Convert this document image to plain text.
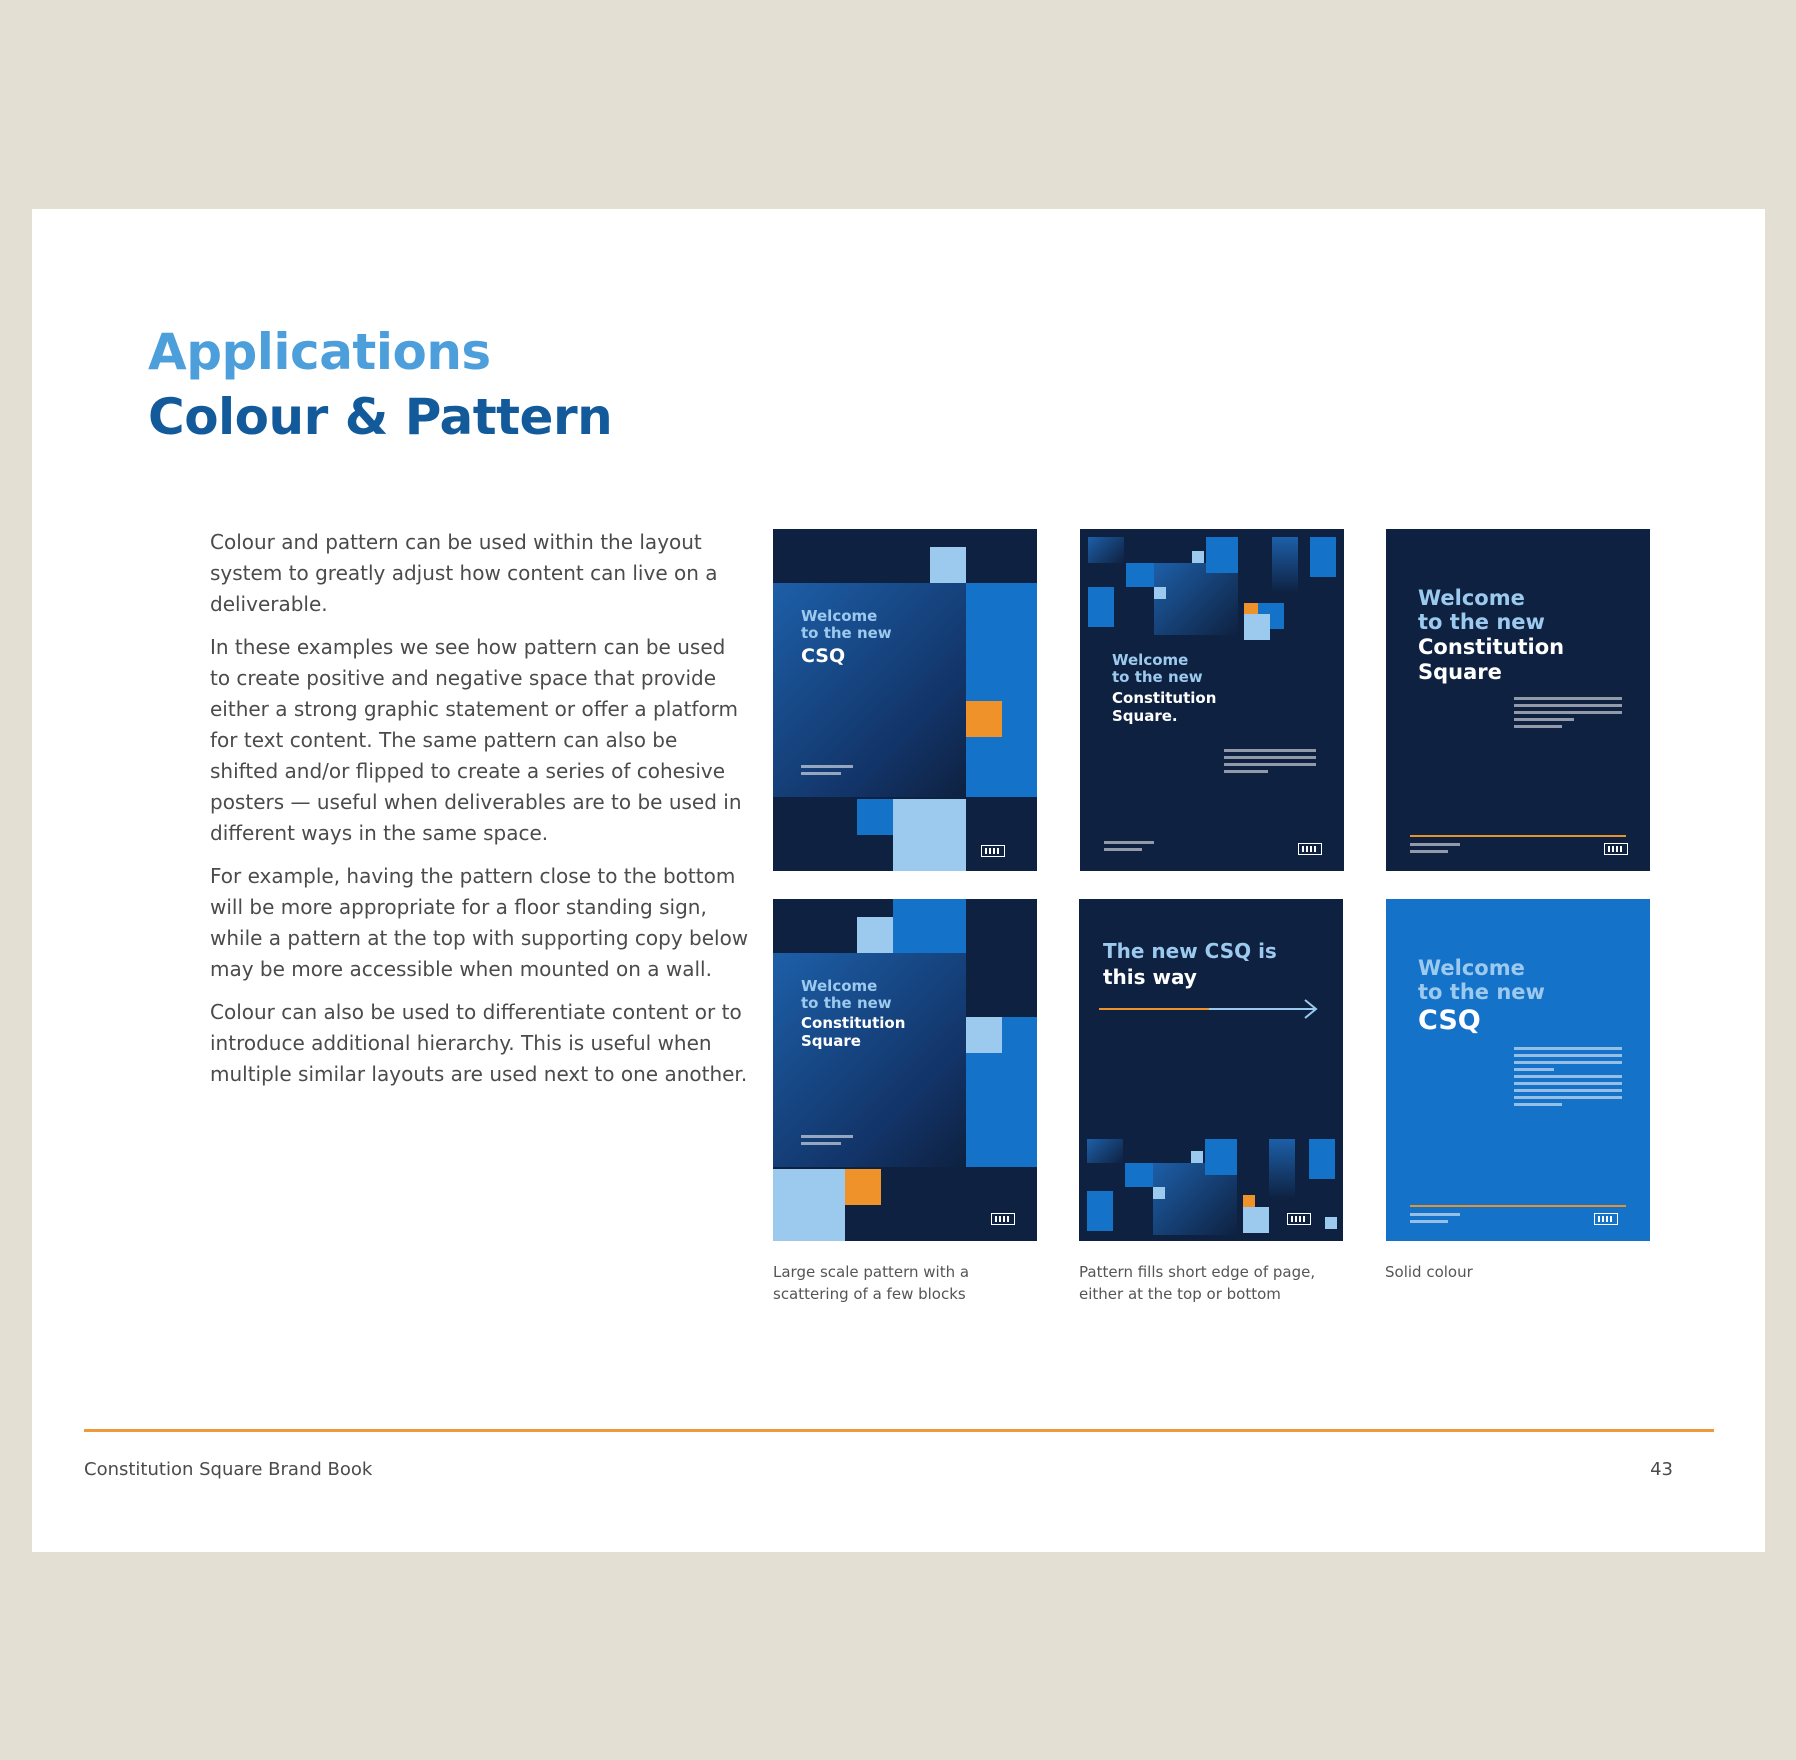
Applications
Colour & Pattern

Colour and pattern can be used within the layout system to greatly adjust how content can live on a deliverable.

In these examples we see how pattern can be used to create positive and negative space that provide either a strong graphic statement or offer a platform for text content. The same pattern can also be shifted and/or flipped to create a series of cohesive posters — useful when deliverables are to be used in different ways in the same space.

For example, having the pattern close to the bottom will be more appropriate for a floor standing sign, while a pattern at the top with supporting copy below may be more accessible when mounted on a wall.

Colour can also be used to differentiate content or to introduce additional hierarchy. This is useful when multiple similar layouts are used next to one another.

Welcome
to the new
CSQ	Welcome
to the new
Constitution
Square.
Welcome
to the new
Constitution
Square
Welcome
to the new
Constitution
Square
The new CSQ is
this way	Welcome
to the new
CSQ
Large scale pattern with a scattering of a few blocks
Pattern fills short edge of page, either at the top or bottom
Solid colour
Constitution Square Brand Book	43
